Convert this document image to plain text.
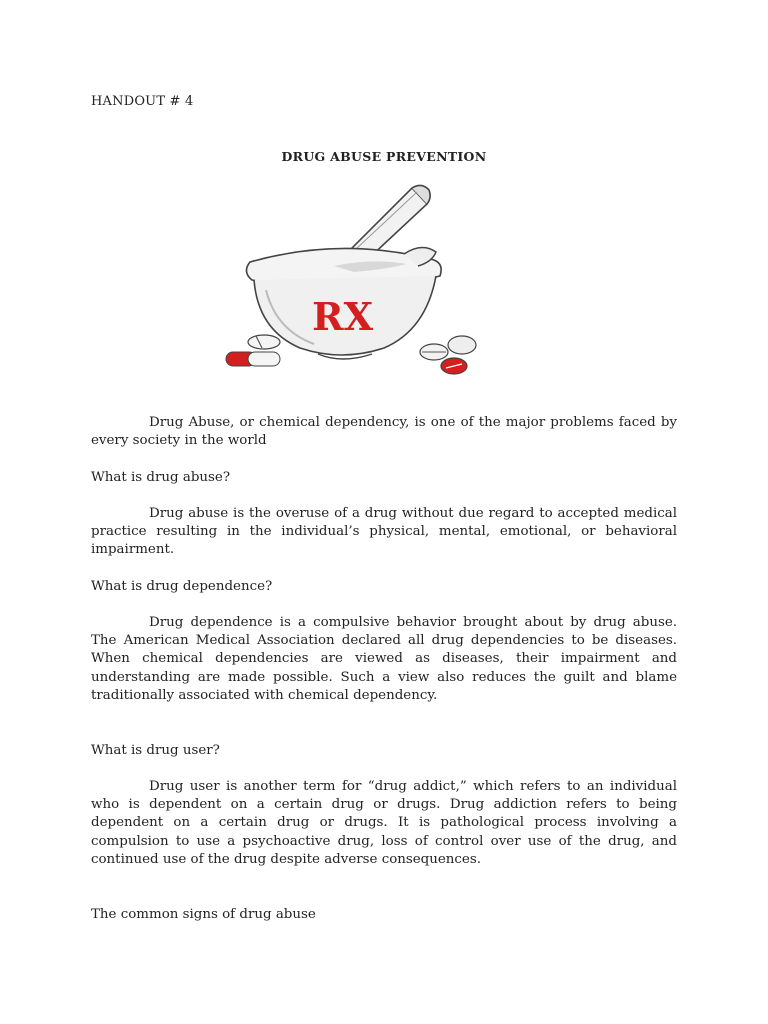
HANDOUT # 4
DRUG ABUSE PREVENTION
RX

Drug Abuse, or chemical dependency, is one of the major problems faced by every society in the world

What is drug abuse?

Drug abuse is the overuse of a drug without due regard to accepted medical practice resulting in the individual’s physical, mental, emotional, or behavioral impairment.

What is drug dependence?

Drug dependence is a compulsive behavior brought about by drug abuse. The American Medical Association declared all drug dependencies to be diseases. When chemical dependencies are viewed as diseases, their impairment and understanding are made possible. Such a view also reduces the guilt and blame traditionally associated with chemical dependency.

What is drug user?

Drug user is another term for “drug addict,” which refers to an individual who is dependent on a certain drug or drugs. Drug addiction refers to being dependent on a certain drug or drugs. It is pathological process involving a compulsion to use a psychoactive drug, loss of control over use of the drug, and continued use of the drug despite adverse consequences.

The common signs of drug abuse
